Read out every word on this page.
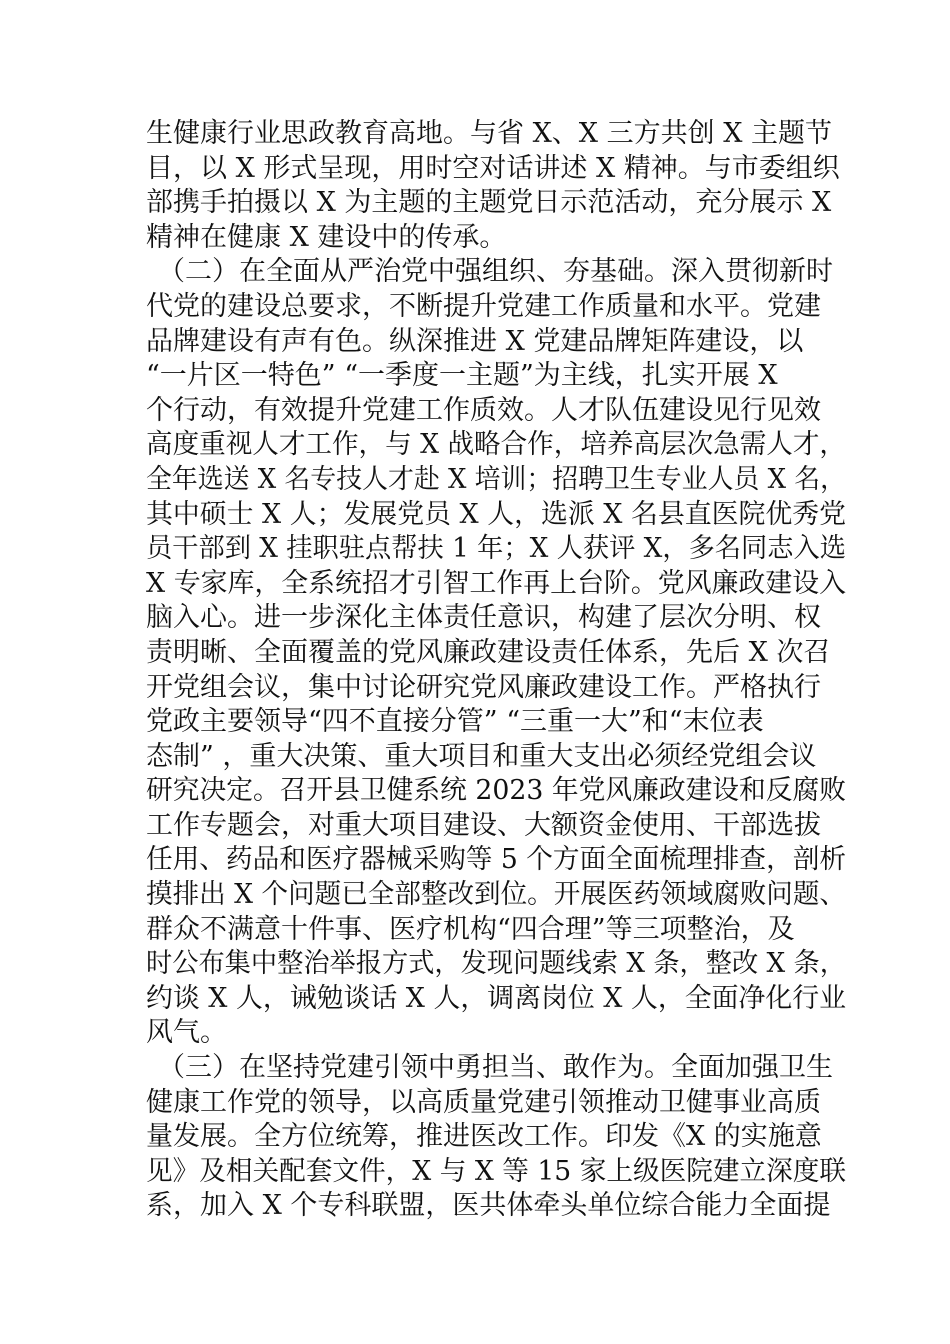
生健康行业思政教育高地。与省 X、X 三方共创 X 主题节
目，以 X 形式呈现，用时空对话讲述 X 精神。与市委组织
部携手拍摄以 X 为主题的主题党日示范活动，充分展示 X
精神在健康 X 建设中的传承。
（二）在全面从严治党中强组织、夯基础。深入贯彻新时
代党的建设总要求，不断提升党建工作质量和水平。党建
品牌建设有声有色。纵深推进 X 党建品牌矩阵建设，以
“一片区一特色” “一季度一主题”为主线，扎实开展 X
个行动，有效提升党建工作质效。人才队伍建设见行见效
高度重视人才工作，与 X 战略合作，培养高层次急需人才，
全年选送 X 名专技人才赴 X 培训；招聘卫生专业人员 X 名，
其中硕士 X 人；发展党员 X 人，选派 X 名县直医院优秀党
员干部到 X 挂职驻点帮扶 1 年；X 人获评 X，多名同志入选
X 专家库，全系统招才引智工作再上台阶。党风廉政建设入
脑入心。进一步深化主体责任意识，构建了层次分明、权
责明晰、全面覆盖的党风廉政建设责任体系，先后 X 次召
开党组会议，集中讨论研究党风廉政建设工作。严格执行
党政主要领导“四不直接分管” “三重一大”和“末位表
态制” ，重大决策、重大项目和重大支出必须经党组会议
研究决定。召开县卫健系统 2023 年党风廉政建设和反腐败
工作专题会，对重大项目建设、大额资金使用、干部选拔
任用、药品和医疗器械采购等 5 个方面全面梳理排查，剖析
摸排出 X 个问题已全部整改到位。开展医药领域腐败问题、
群众不满意十件事、医疗机构“四合理”等三项整治，及
时公布集中整治举报方式，发现问题线索 X 条，整改 X 条，
约谈 X 人，诫勉谈话 X 人，调离岗位 X 人，全面净化行业
风气。
（三）在坚持党建引领中勇担当、敢作为。全面加强卫生
健康工作党的领导，以高质量党建引领推动卫健事业高质
量发展。全方位统筹，推进医改工作。印发《X 的实施意
见》及相关配套文件，X 与 X 等 15 家上级医院建立深度联
系，加入 X 个专科联盟，医共体牵头单位综合能力全面提
